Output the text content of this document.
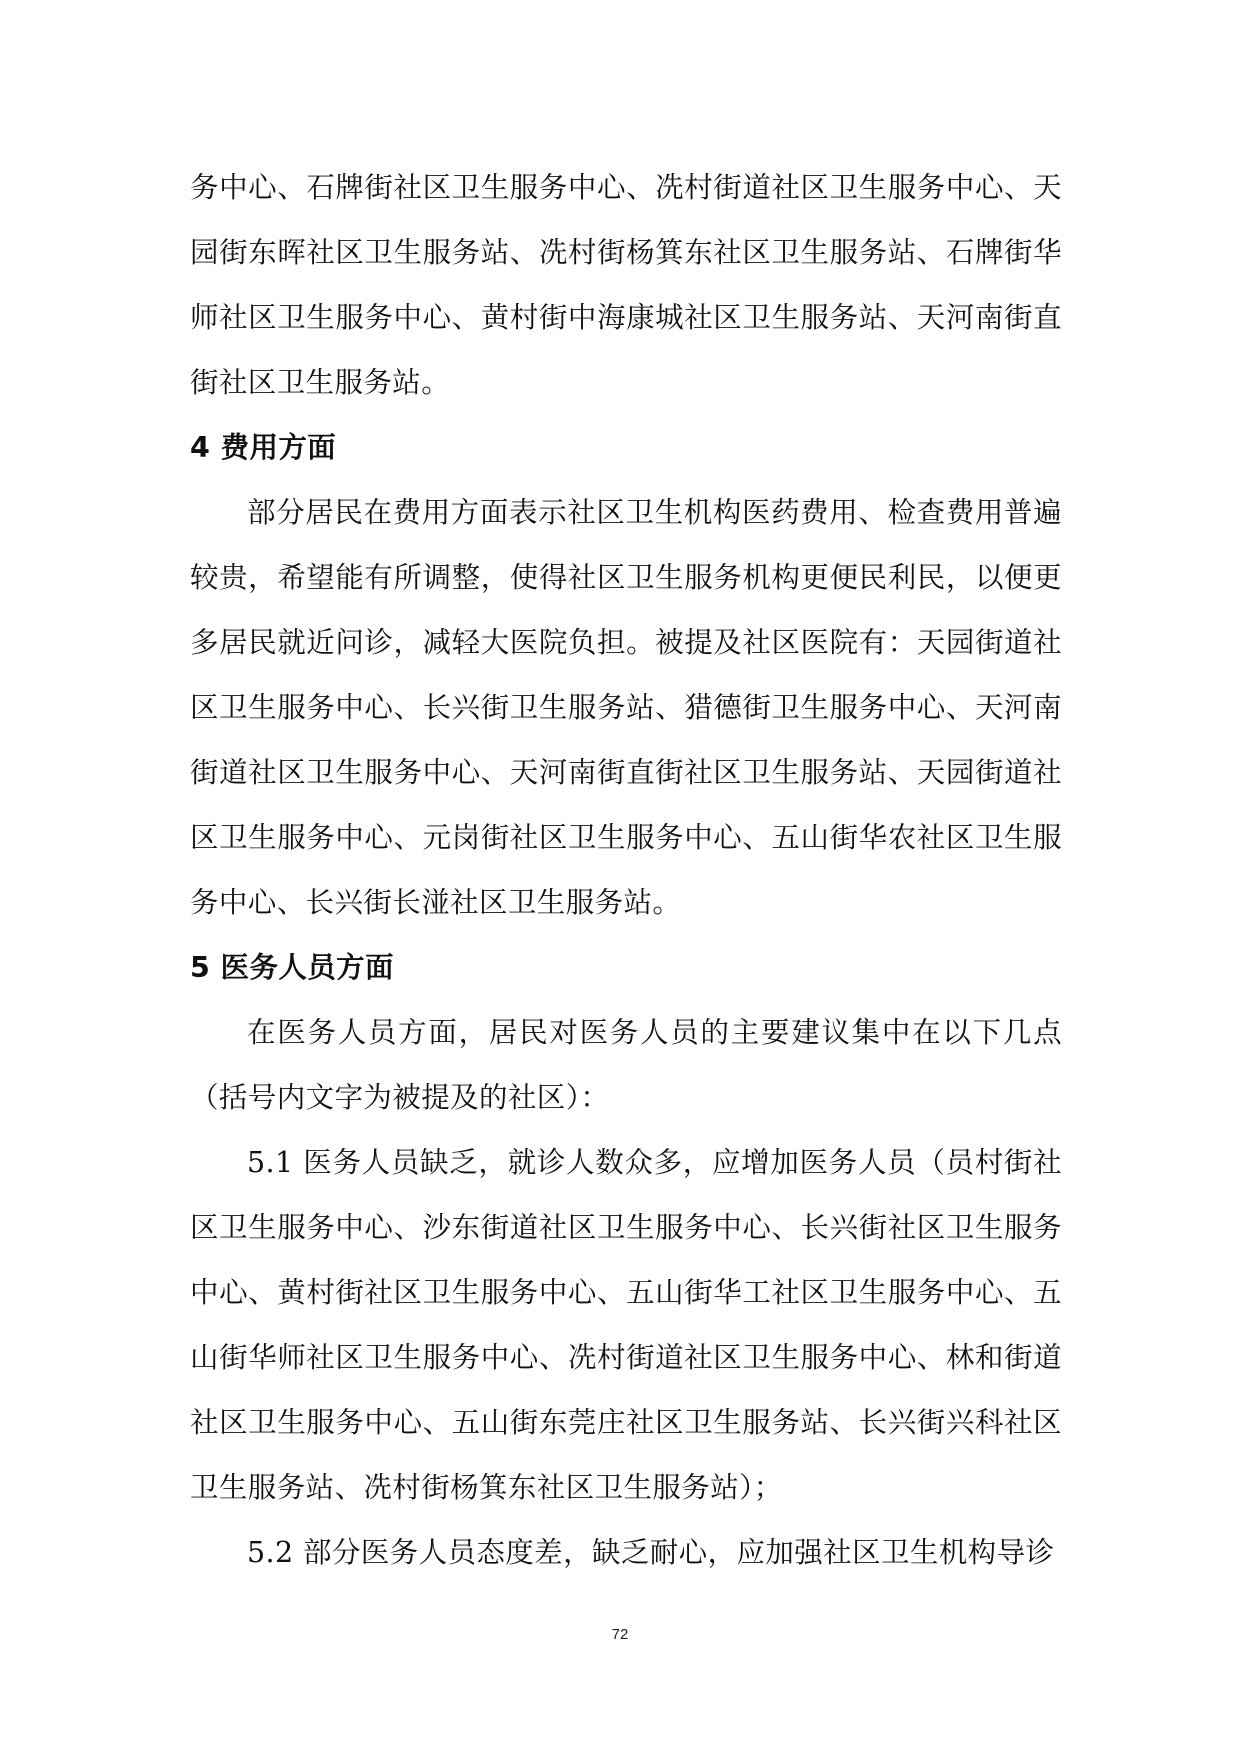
务中心、石牌街社区卫生服务中心、冼村街道社区卫生服务中心、天园街东晖社区卫生服务站、冼村街杨箕东社区卫生服务站、石牌街华师社区卫生服务中心、黄村街中海康城社区卫生服务站、天河南街直街社区卫生服务站。

4 费用方面

部分居民在费用方面表示社区卫生机构医药费用、检查费用普遍较贵，希望能有所调整，使得社区卫生服务机构更便民利民，以便更多居民就近问诊，减轻大医院负担。被提及社区医院有：天园街道社区卫生服务中心、长兴街卫生服务站、猎德街卫生服务中心、天河南街道社区卫生服务中心、天河南街直街社区卫生服务站、天园街道社区卫生服务中心、元岗街社区卫生服务中心、五山街华农社区卫生服务中心、长兴街长湴社区卫生服务站。

5 医务人员方面

在医务人员方面，居民对医务人员的主要建议集中在以下几点（括号内文字为被提及的社区）：

5.1 医务人员缺乏，就诊人数众多，应增加医务人员（员村街社区卫生服务中心、沙东街道社区卫生服务中心、长兴街社区卫生服务中心、黄村街社区卫生服务中心、五山街华工社区卫生服务中心、五山街华师社区卫生服务中心、冼村街道社区卫生服务中心、林和街道社区卫生服务中心、五山街东莞庄社区卫生服务站、长兴街兴科社区卫生服务站、冼村街杨箕东社区卫生服务站）；

5.2 部分医务人员态度差，缺乏耐心，应加强社区卫生机构导诊

72
